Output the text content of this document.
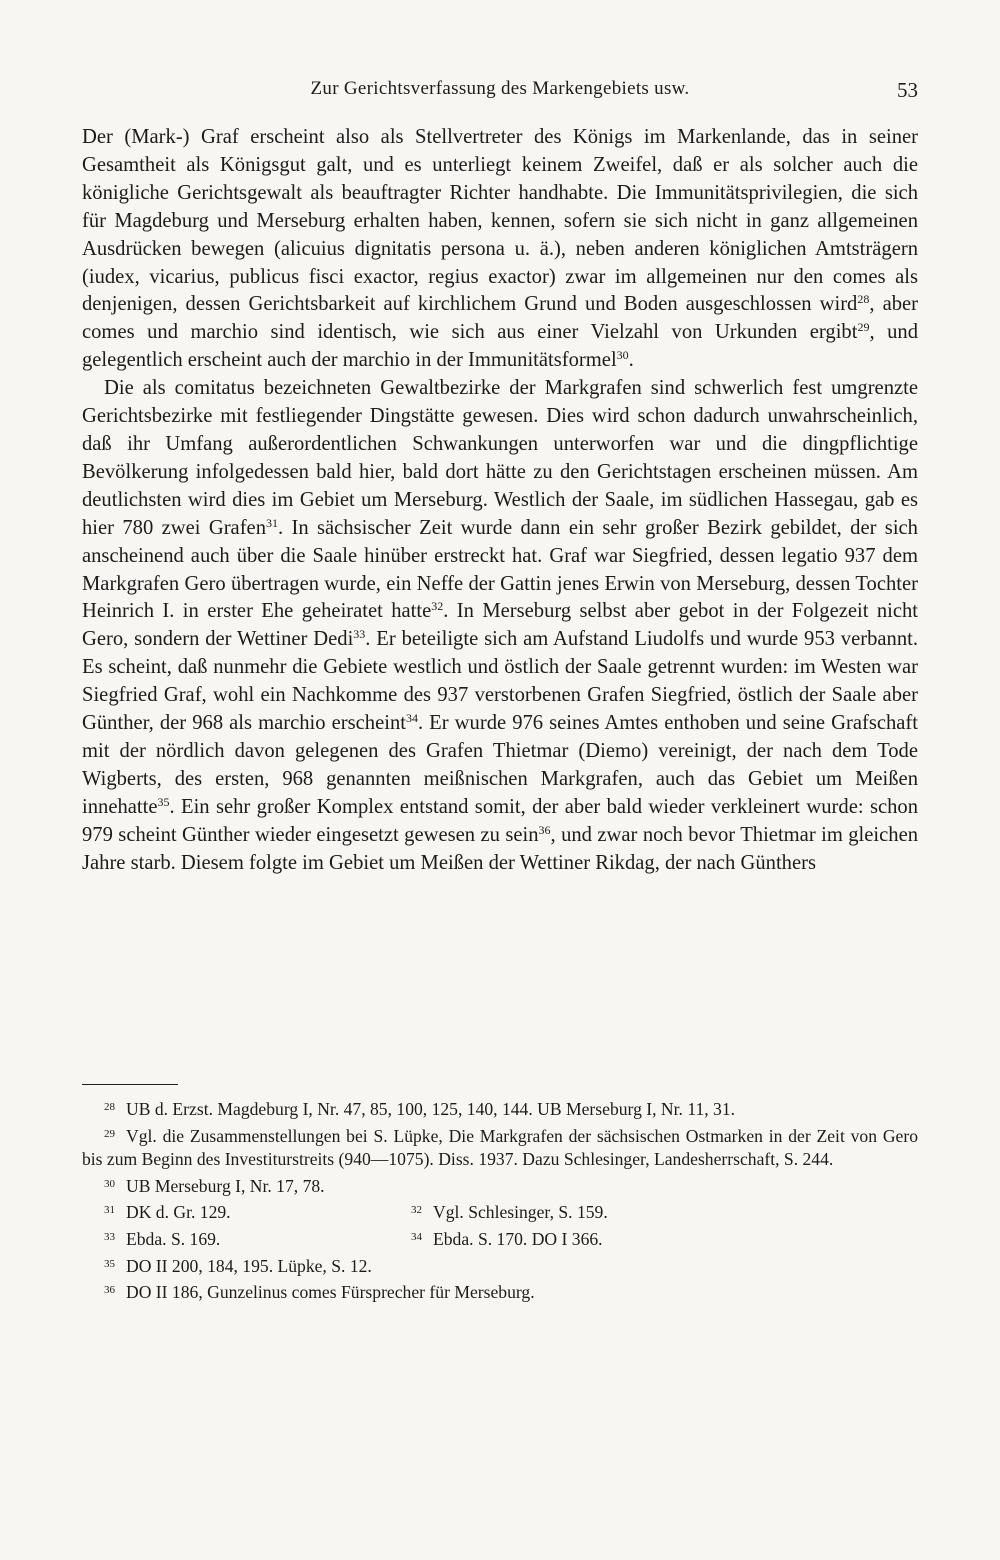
Zur Gerichtsverfassung des Markengebiets usw.	53

Der (Mark-) Graf erscheint also als Stellvertreter des Königs im Markenlande, das in seiner Gesamtheit als Königsgut galt, und es unterliegt keinem Zweifel, daß er als solcher auch die königliche Gerichtsgewalt als beauftragter Richter handhabte. Die Immunitätsprivilegien, die sich für Magdeburg und Merseburg erhalten haben, kennen, sofern sie sich nicht in ganz allgemeinen Ausdrücken bewegen (alicuius dignitatis persona u. ä.), neben anderen königlichen Amtsträgern (iudex, vicarius, publicus fisci exactor, regius exactor) zwar im allgemeinen nur den comes als denjenigen, dessen Gerichtsbarkeit auf kirchlichem Grund und Boden ausgeschlossen wird$^{28}$, aber comes und marchio sind identisch, wie sich aus einer Vielzahl von Urkunden ergibt$^{29}$, und gelegentlich erscheint auch der marchio in der Immunitätsformel$^{30}$.

Die als comitatus bezeichneten Gewaltbezirke der Markgrafen sind schwerlich fest umgrenzte Gerichtsbezirke mit festliegender Dingstätte gewesen. Dies wird schon dadurch unwahrscheinlich, daß ihr Umfang außerordentlichen Schwankungen unterworfen war und die dingpflichtige Bevölkerung infolgedessen bald hier, bald dort hätte zu den Gerichtstagen erscheinen müssen. Am deutlichsten wird dies im Gebiet um Merseburg. Westlich der Saale, im südlichen Hassegau, gab es hier 780 zwei Grafen$^{31}$. In sächsischer Zeit wurde dann ein sehr großer Bezirk gebildet, der sich anscheinend auch über die Saale hinüber erstreckt hat. Graf war Siegfried, dessen legatio 937 dem Markgrafen Gero übertragen wurde, ein Neffe der Gattin jenes Erwin von Merseburg, dessen Tochter Heinrich I. in erster Ehe geheiratet hatte$^{32}$. In Merseburg selbst aber gebot in der Folgezeit nicht Gero, sondern der Wettiner Dedi$^{33}$. Er beteiligte sich am Aufstand Liudolfs und wurde 953 verbannt. Es scheint, daß nunmehr die Gebiete westlich und östlich der Saale getrennt wurden: im Westen war Siegfried Graf, wohl ein Nachkomme des 937 verstorbenen Grafen Siegfried, östlich der Saale aber Günther, der 968 als marchio erscheint$^{34}$. Er wurde 976 seines Amtes enthoben und seine Grafschaft mit der nördlich davon gelegenen des Grafen Thietmar (Diemo) vereinigt, der nach dem Tode Wigberts, des ersten, 968 genannten meißnischen Markgrafen, auch das Gebiet um Meißen innehatte$^{35}$. Ein sehr großer Komplex entstand somit, der aber bald wieder verkleinert wurde: schon 979 scheint Günther wieder eingesetzt gewesen zu sein$^{36}$, und zwar noch bevor Thietmar im gleichen Jahre starb. Diesem folgte im Gebiet um Meißen der Wettiner Rikdag, der nach Günthers

28 UB d. Erzst. Magdeburg I, Nr. 47, 85, 100, 125, 140, 144. UB Merseburg I, Nr. 11, 31.

29 Vgl. die Zusammenstellungen bei S. Lüpke, Die Markgrafen der sächsischen Ostmarken in der Zeit von Gero bis zum Beginn des Investiturstreits (940—1075). Diss. 1937. Dazu Schlesinger, Landesherrschaft, S. 244.

30 UB Merseburg I, Nr. 17, 78.

31 DK d. Gr. 129.	32 Vgl. Schlesinger, S. 159.
33 Ebda. S. 169.	34 Ebda. S. 170. DO I 366.

35 DO II 200, 184, 195. Lüpke, S. 12.

36 DO II 186, Gunzelinus comes Fürsprecher für Merseburg.
